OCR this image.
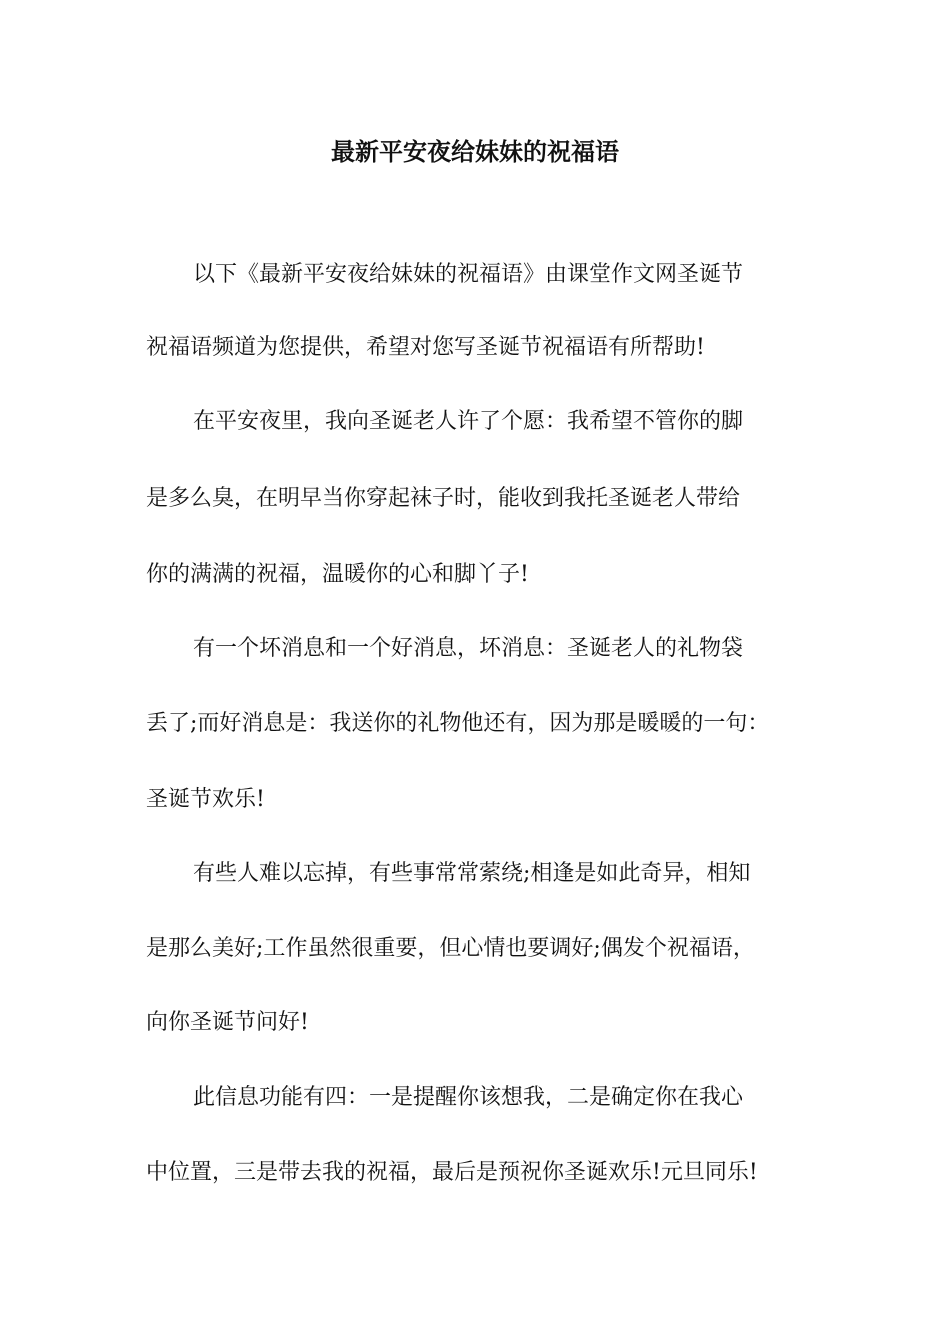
最新平安夜给妹妹的祝福语
以下《最新平安夜给妹妹的祝福语》由课堂作文网圣诞节
祝福语频道为您提供，希望对您写圣诞节祝福语有所帮助!
在平安夜里，我向圣诞老人许了个愿：我希望不管你的脚
是多么臭，在明早当你穿起袜子时，能收到我托圣诞老人带给
你的满满的祝福，温暖你的心和脚丫子!
有一个坏消息和一个好消息，坏消息：圣诞老人的礼物袋
丢了;而好消息是：我送你的礼物他还有，因为那是暖暖的一句：
圣诞节欢乐!
有些人难以忘掉，有些事常常萦绕;相逢是如此奇异，相知
是那么美好;工作虽然很重要，但心情也要调好;偶发个祝福语，
向你圣诞节问好!
此信息功能有四：一是提醒你该想我，二是确定你在我心
中位置，三是带去我的祝福，最后是预祝你圣诞欢乐!元旦同乐!
